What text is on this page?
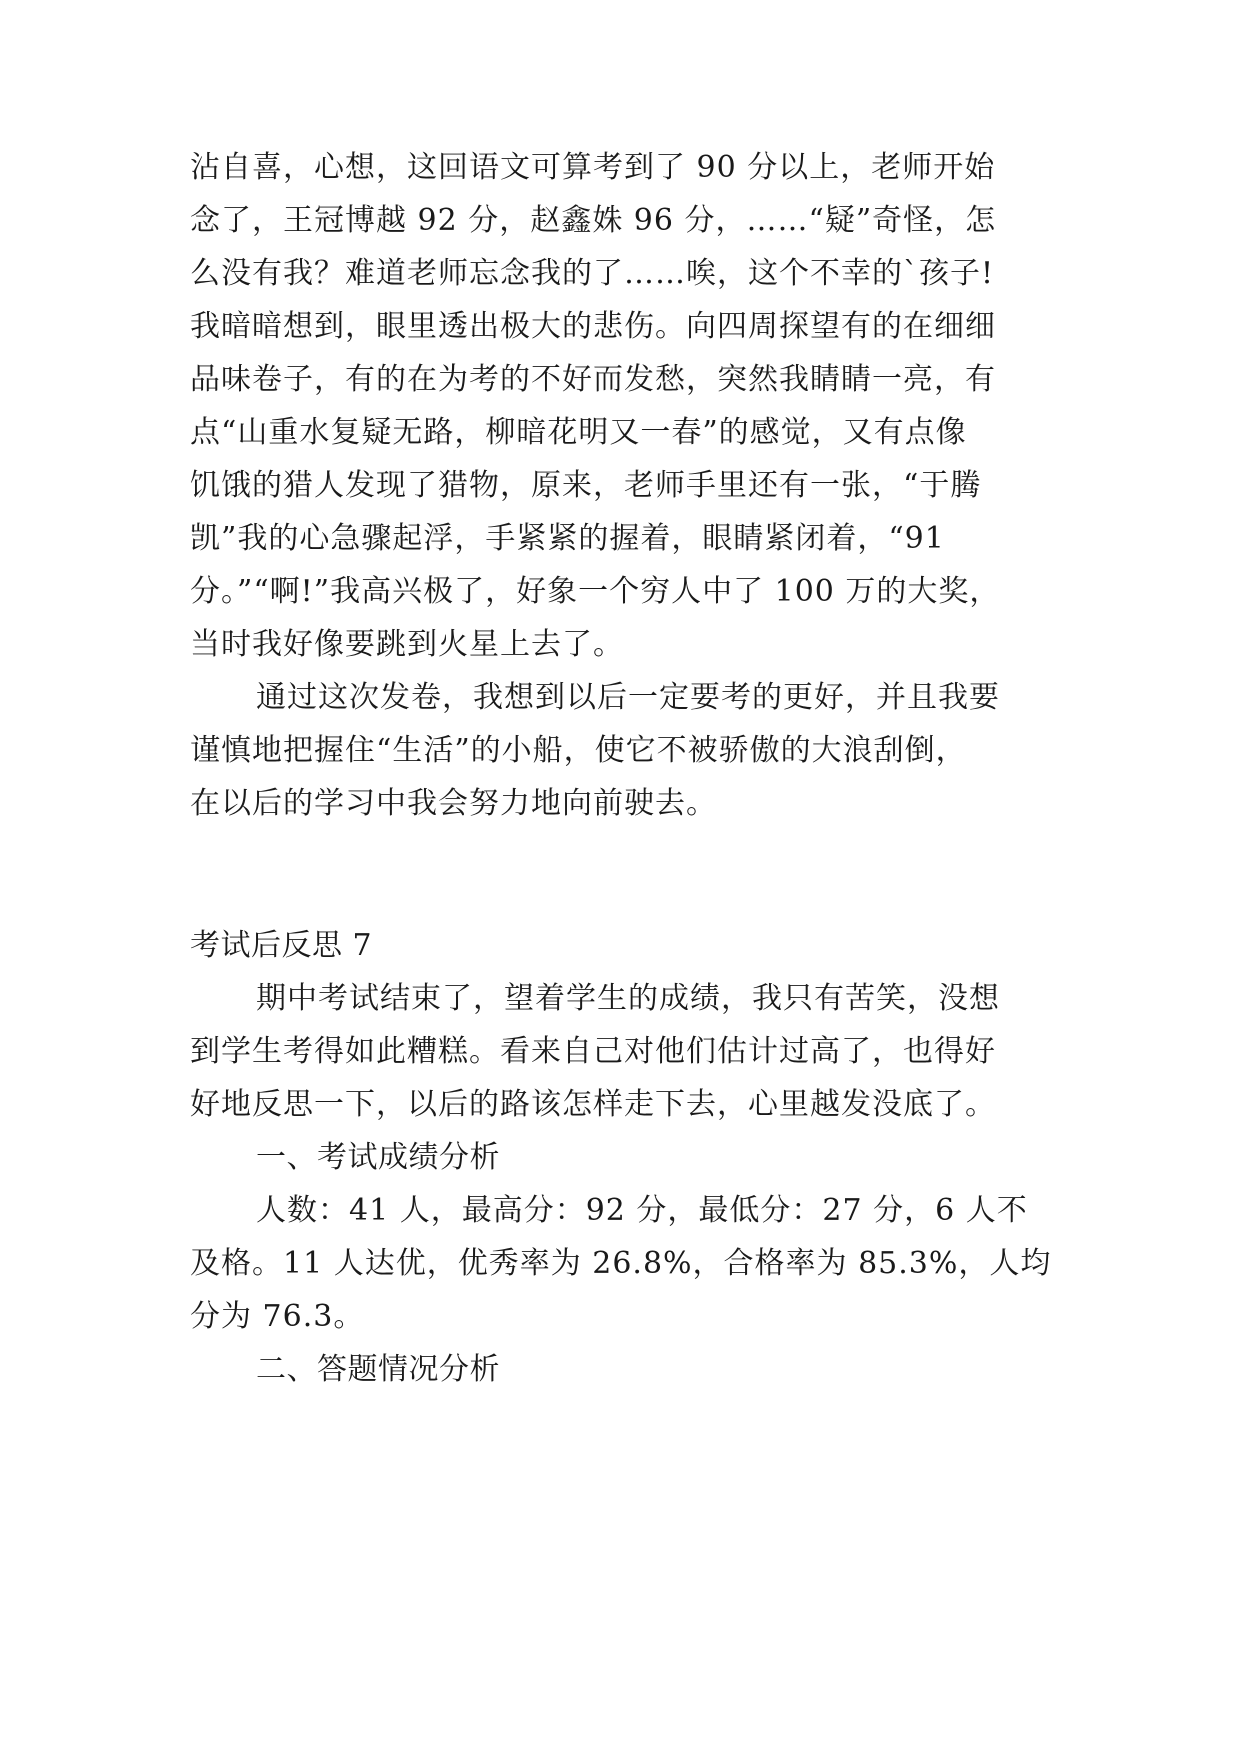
沾自喜，心想，这回语文可算考到了 90 分以上，老师开始
念了，王冠博越 92 分，赵鑫姝 96 分，……“疑”奇怪，怎
么没有我？难道老师忘念我的了……唉，这个不幸的`孩子!
我暗暗想到，眼里透出极大的悲伤。向四周探望有的在细细
品味卷子，有的在为考的不好而发愁，突然我睛睛一亮，有
点“山重水复疑无路，柳暗花明又一春”的感觉，又有点像
饥饿的猎人发现了猎物，原来，老师手里还有一张，“于腾
凯”我的心急骤起浮，手紧紧的握着，眼睛紧闭着，“91
分。”“啊!”我高兴极了，好象一个穷人中了 100 万的大奖，
当时我好像要跳到火星上去了。
通过这次发卷，我想到以后一定要考的更好，并且我要
谨慎地把握住“生活”的小船，使它不被骄傲的大浪刮倒，
在以后的学习中我会努力地向前驶去。
考试后反思 7
期中考试结束了，望着学生的成绩，我只有苦笑，没想
到学生考得如此糟糕。看来自己对他们估计过高了，也得好
好地反思一下，以后的路该怎样走下去，心里越发没底了。
一、考试成绩分析
人数：41 人，最高分：92 分，最低分：27 分，6 人不
及格。11 人达优，优秀率为 26.8%，合格率为 85.3%，人均
分为 76.3。
二、答题情况分析
